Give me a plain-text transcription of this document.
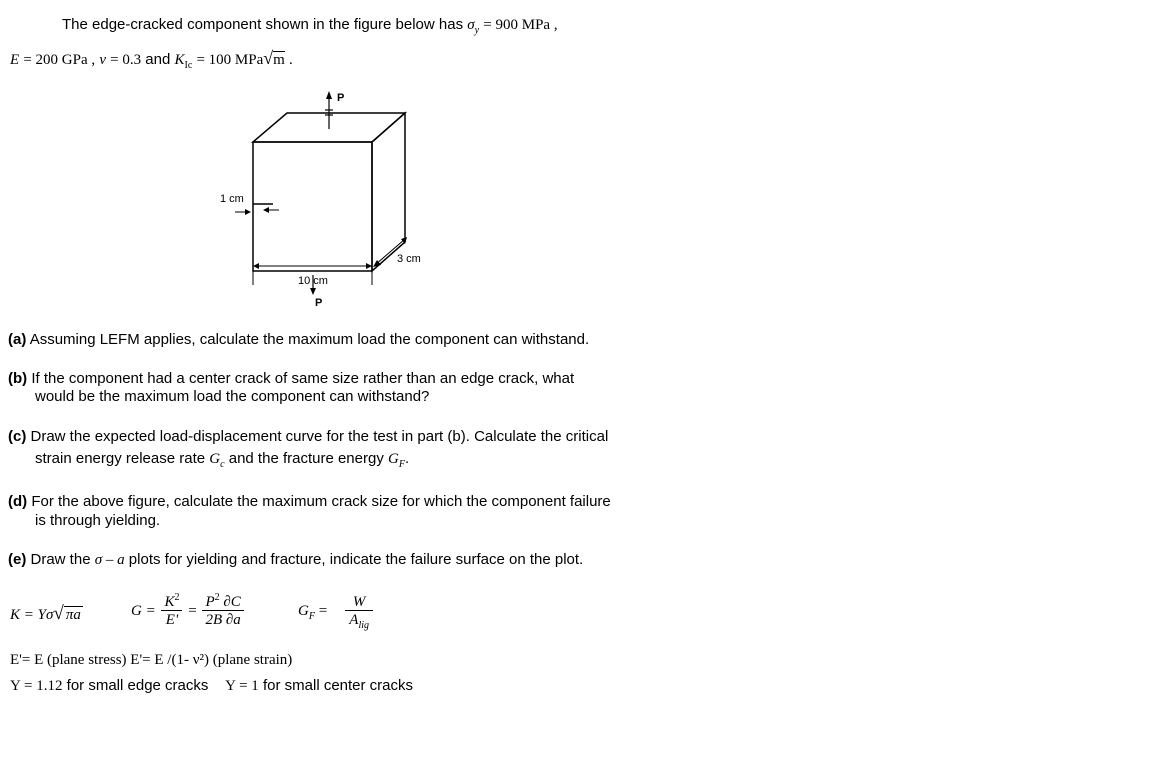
The edge-cracked component shown in the figure below has $\sigma_y = 900$ MPa ,
E = 200 GPa , ν = 0.3 and $K_{Ic} = 100$ MPa√m .
P
1 cm
10 cm
P
3 cm
(a) Assuming LEFM applies, calculate the maximum load the component can withstand.
(b) If the component had a center crack of same size rather than an edge crack, what
would be the maximum load the component can withstand?
(c) Draw the expected load-displacement curve for the test in part (b). Calculate the critical
strain energy release rate $G_c$ and the fracture energy $G_F$.
(d) For the above figure, calculate the maximum crack size for which the component failure
is through yielding.
(e) Draw the σ – a plots for yielding and fracture, indicate the failure surface on the plot.
K = Yσ√ πa	$G = \frac{K^2}{E'} = \frac{P^2 \partial C}{2B \partial a}$	$G_F = \frac{W}{A_{lig}}$
E'= E (plane stress) E'= E /(1- ν²) (plane strain)
Y = 1.12 for small edge cracks Y = 1 for small center cracks
